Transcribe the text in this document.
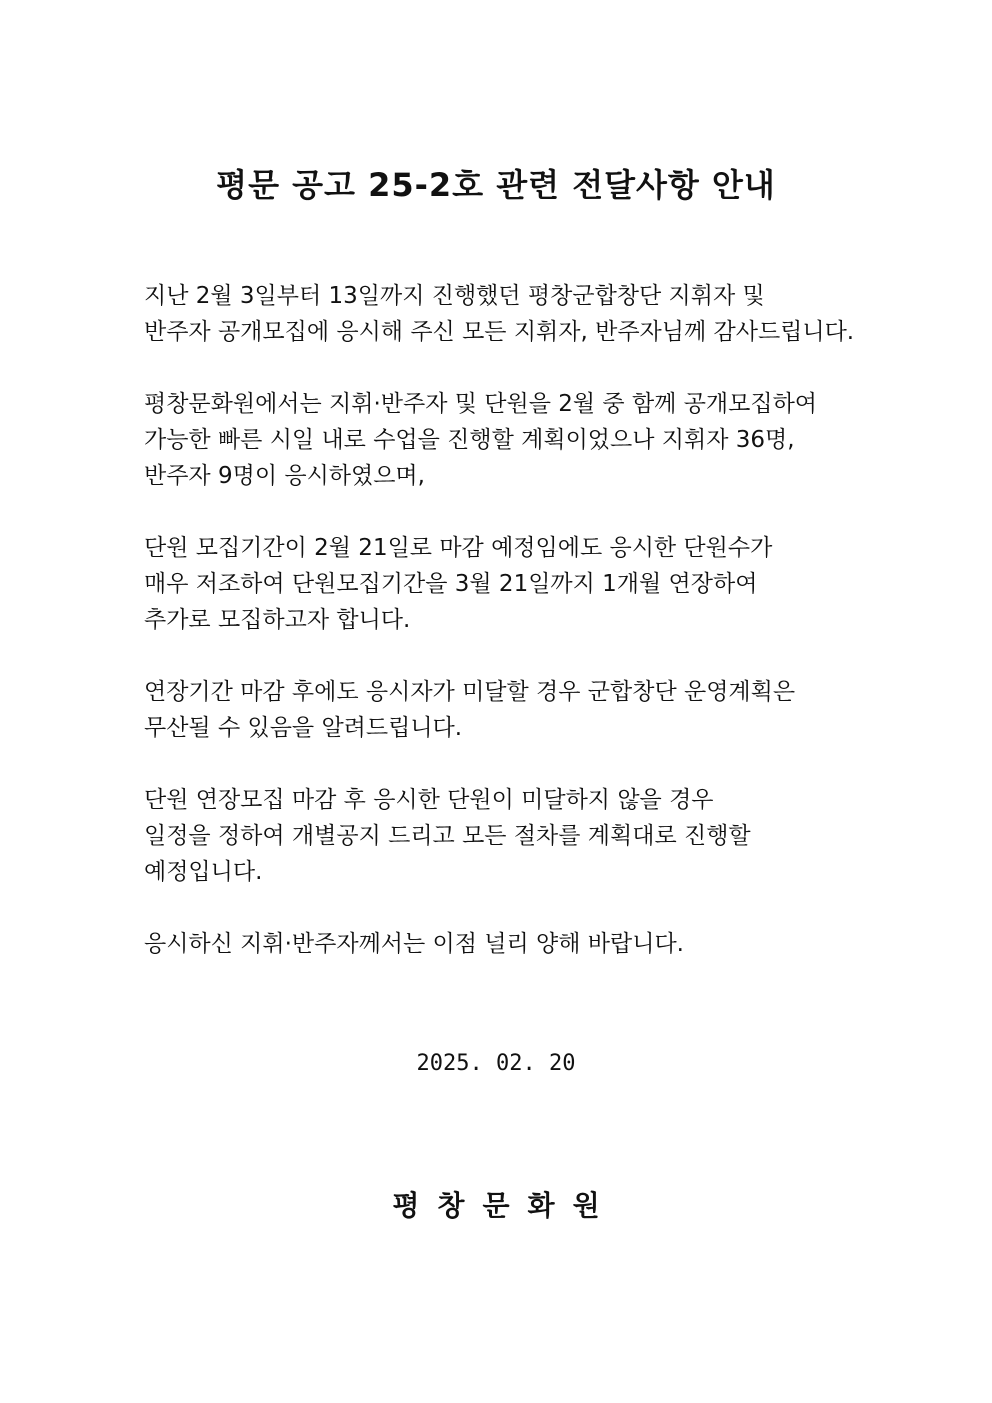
평문 공고 25-2호 관련 전달사항 안내
지난 2월 3일부터 13일까지 진행했던 평창군합창단 지휘자 및
반주자 공개모집에 응시해 주신 모든 지휘자, 반주자님께 감사드립니다.
평창문화원에서는 지휘·반주자 및 단원을 2월 중 함께 공개모집하여
가능한 빠른 시일 내로 수업을 진행할 계획이었으나 지휘자 36명,
반주자 9명이 응시하였으며,
단원 모집기간이 2월 21일로 마감 예정임에도 응시한 단원수가
매우 저조하여 단원모집기간을 3월 21일까지 1개월 연장하여
추가로 모집하고자 합니다.
연장기간 마감 후에도 응시자가 미달할 경우 군합창단 운영계획은
무산될 수 있음을 알려드립니다.
단원 연장모집 마감 후 응시한 단원이 미달하지 않을 경우
일정을 정하여 개별공지 드리고 모든 절차를 계획대로 진행할
예정입니다.
응시하신 지휘·반주자께서는 이점 널리 양해 바랍니다.
2025. 02. 20
평창문화원
